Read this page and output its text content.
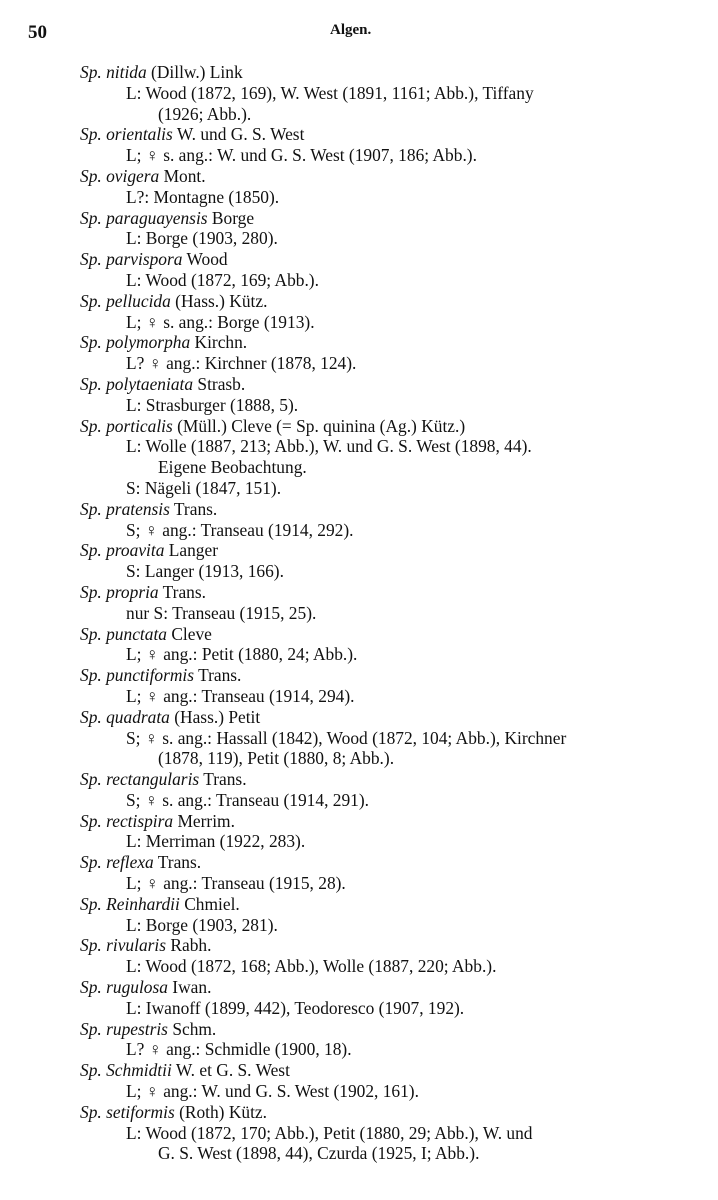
50	Algen.
Sp. nitida (Dillw.) Link
L: Wood (1872, 169), W. West (1891, 1161; Abb.), Tiffany
(1926; Abb.).
Sp. orientalis W. und G. S. West
L; ♀ s. ang.: W. und G. S. West (1907, 186; Abb.).
Sp. ovigera Mont.
L?: Montagne (1850).
Sp. paraguayensis Borge
L: Borge (1903, 280).
Sp. parvispora Wood
L: Wood (1872, 169; Abb.).
Sp. pellucida (Hass.) Kütz.
L; ♀ s. ang.: Borge (1913).
Sp. polymorpha Kirchn.
L? ♀ ang.: Kirchner (1878, 124).
Sp. polytaeniata Strasb.
L: Strasburger (1888, 5).
Sp. porticalis (Müll.) Cleve (= Sp. quinina (Ag.) Kütz.)
L: Wolle (1887, 213; Abb.), W. und G. S. West (1898, 44).
Eigene Beobachtung.
S: Nägeli (1847, 151).
Sp. pratensis Trans.
S; ♀ ang.: Transeau (1914, 292).
Sp. proavita Langer
S: Langer (1913, 166).
Sp. propria Trans.
nur S: Transeau (1915, 25).
Sp. punctata Cleve
L; ♀ ang.: Petit (1880, 24; Abb.).
Sp. punctiformis Trans.
L; ♀ ang.: Transeau (1914, 294).
Sp. quadrata (Hass.) Petit
S; ♀ s. ang.: Hassall (1842), Wood (1872, 104; Abb.), Kirchner
(1878, 119), Petit (1880, 8; Abb.).
Sp. rectangularis Trans.
S; ♀ s. ang.: Transeau (1914, 291).
Sp. rectispira Merrim.
L: Merriman (1922, 283).
Sp. reflexa Trans.
L; ♀ ang.: Transeau (1915, 28).
Sp. Reinhardii Chmiel.
L: Borge (1903, 281).
Sp. rivularis Rabh.
L: Wood (1872, 168; Abb.), Wolle (1887, 220; Abb.).
Sp. rugulosa Iwan.
L: Iwanoff (1899, 442), Teodoresco (1907, 192).
Sp. rupestris Schm.
L? ♀ ang.: Schmidle (1900, 18).
Sp. Schmidtii W. et G. S. West
L; ♀ ang.: W. und G. S. West (1902, 161).
Sp. setiformis (Roth) Kütz.
L: Wood (1872, 170; Abb.), Petit (1880, 29; Abb.), W. und
G. S. West (1898, 44), Czurda (1925, I; Abb.).
